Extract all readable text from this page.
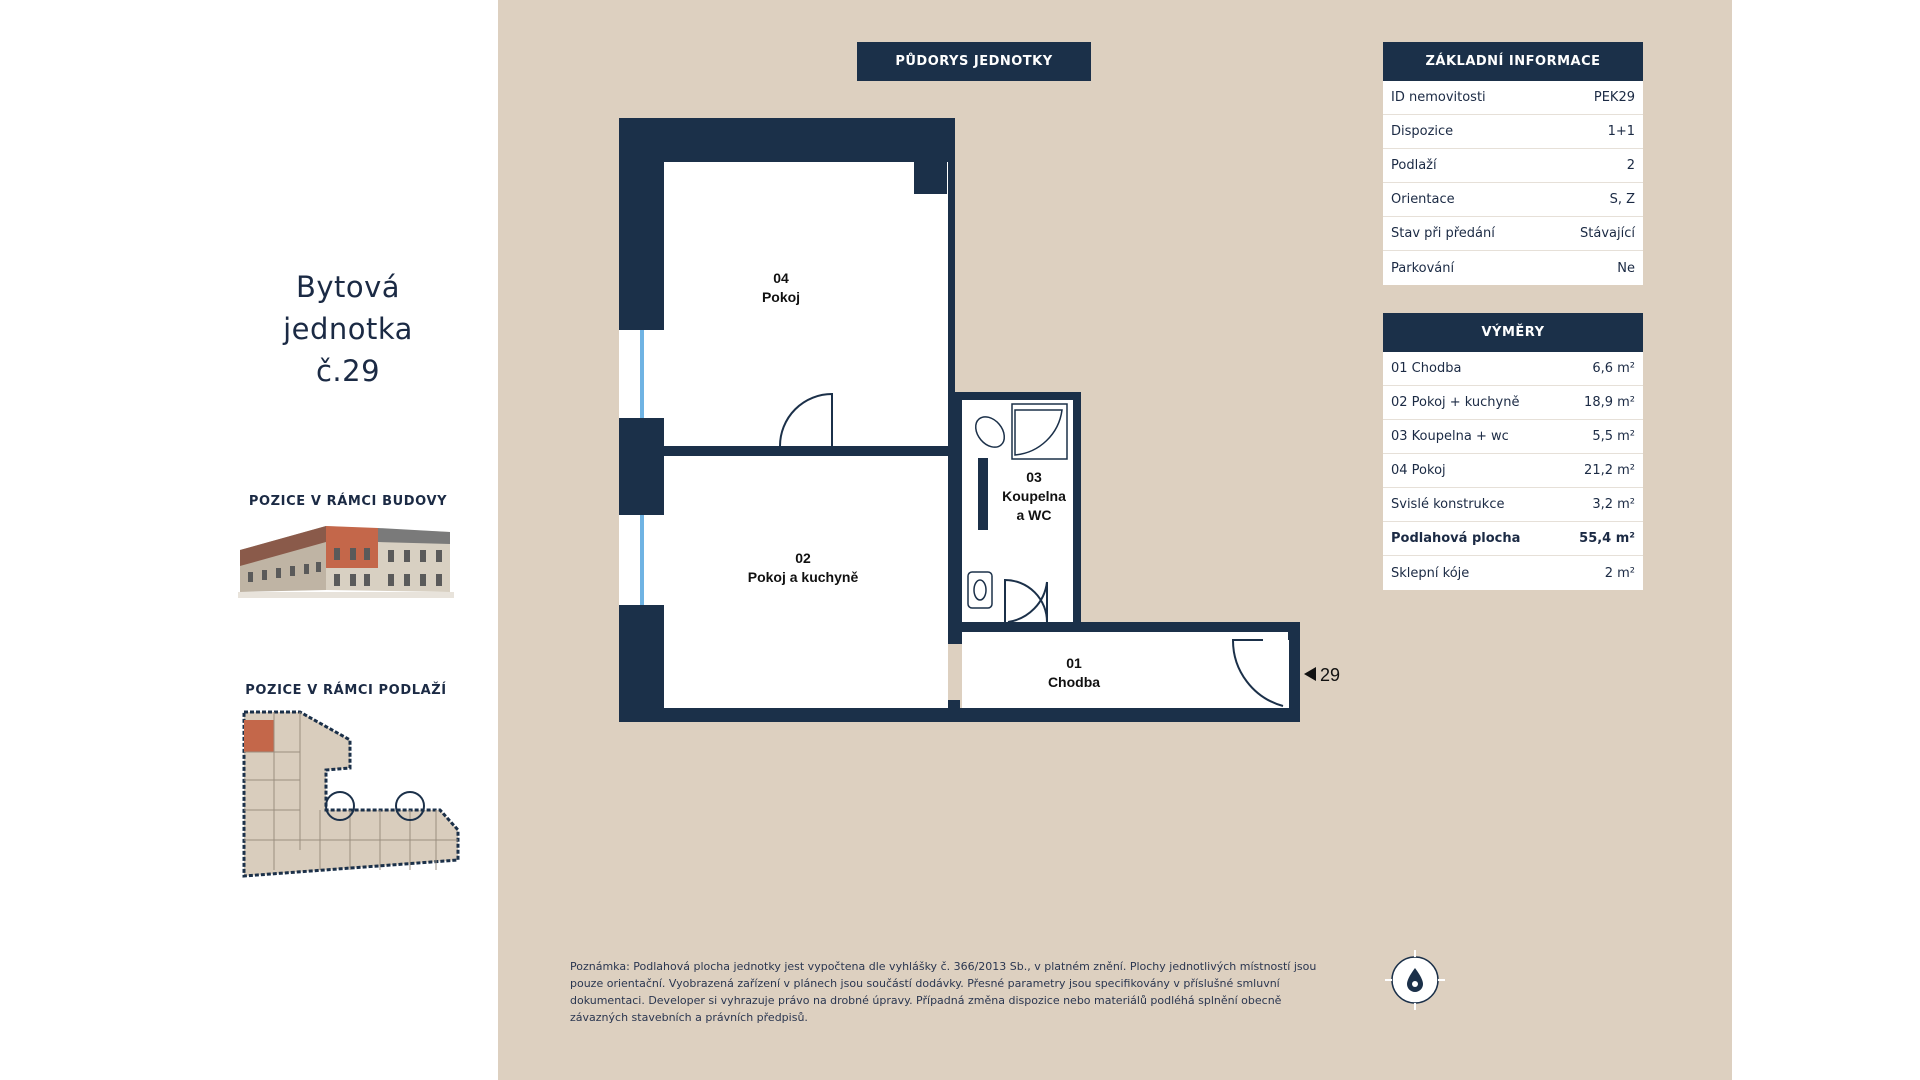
Bytová
jednotka
č.29
POZICE V RÁMCI BUDOVY
POZICE V RÁMCI PODLAŽÍ
PŮDORYS JEDNOTKY
04
Pokoj
02
Pokoj a kuchyně
03
Koupelna
a WC
01
Chodba	29
ZÁKLADNÍ INFORMACE
ID nemovitosti	PEK29
Dispozice	1+1
Podlaží	2
Orientace	S, Z
Stav při předání	Stávající
Parkování	Ne
VÝMĚRY
01 Chodba	6,6 m²
02 Pokoj + kuchyně	18,9 m²
03 Koupelna + wc	5,5 m²
04 Pokoj	21,2 m²
Svislé konstrukce	3,2 m²
Podlahová plocha	55,4 m²
Sklepní kóje	2 m²
Poznámka: Podlahová plocha jednotky jest vypočtena dle vyhlášky č. 366/2013 Sb., v platném znění. Plochy jednotlivých místností jsou pouze orientační. Vyobrazená zařízení v plánech jsou součástí dodávky. Přesné parametry jsou specifikovány v příslušné smluvní dokumentaci. Developer si vyhrazuje právo na drobné úpravy. Případná změna dispozice nebo materiálů podléhá splnění obecně závazných stavebních a právních předpisů.
